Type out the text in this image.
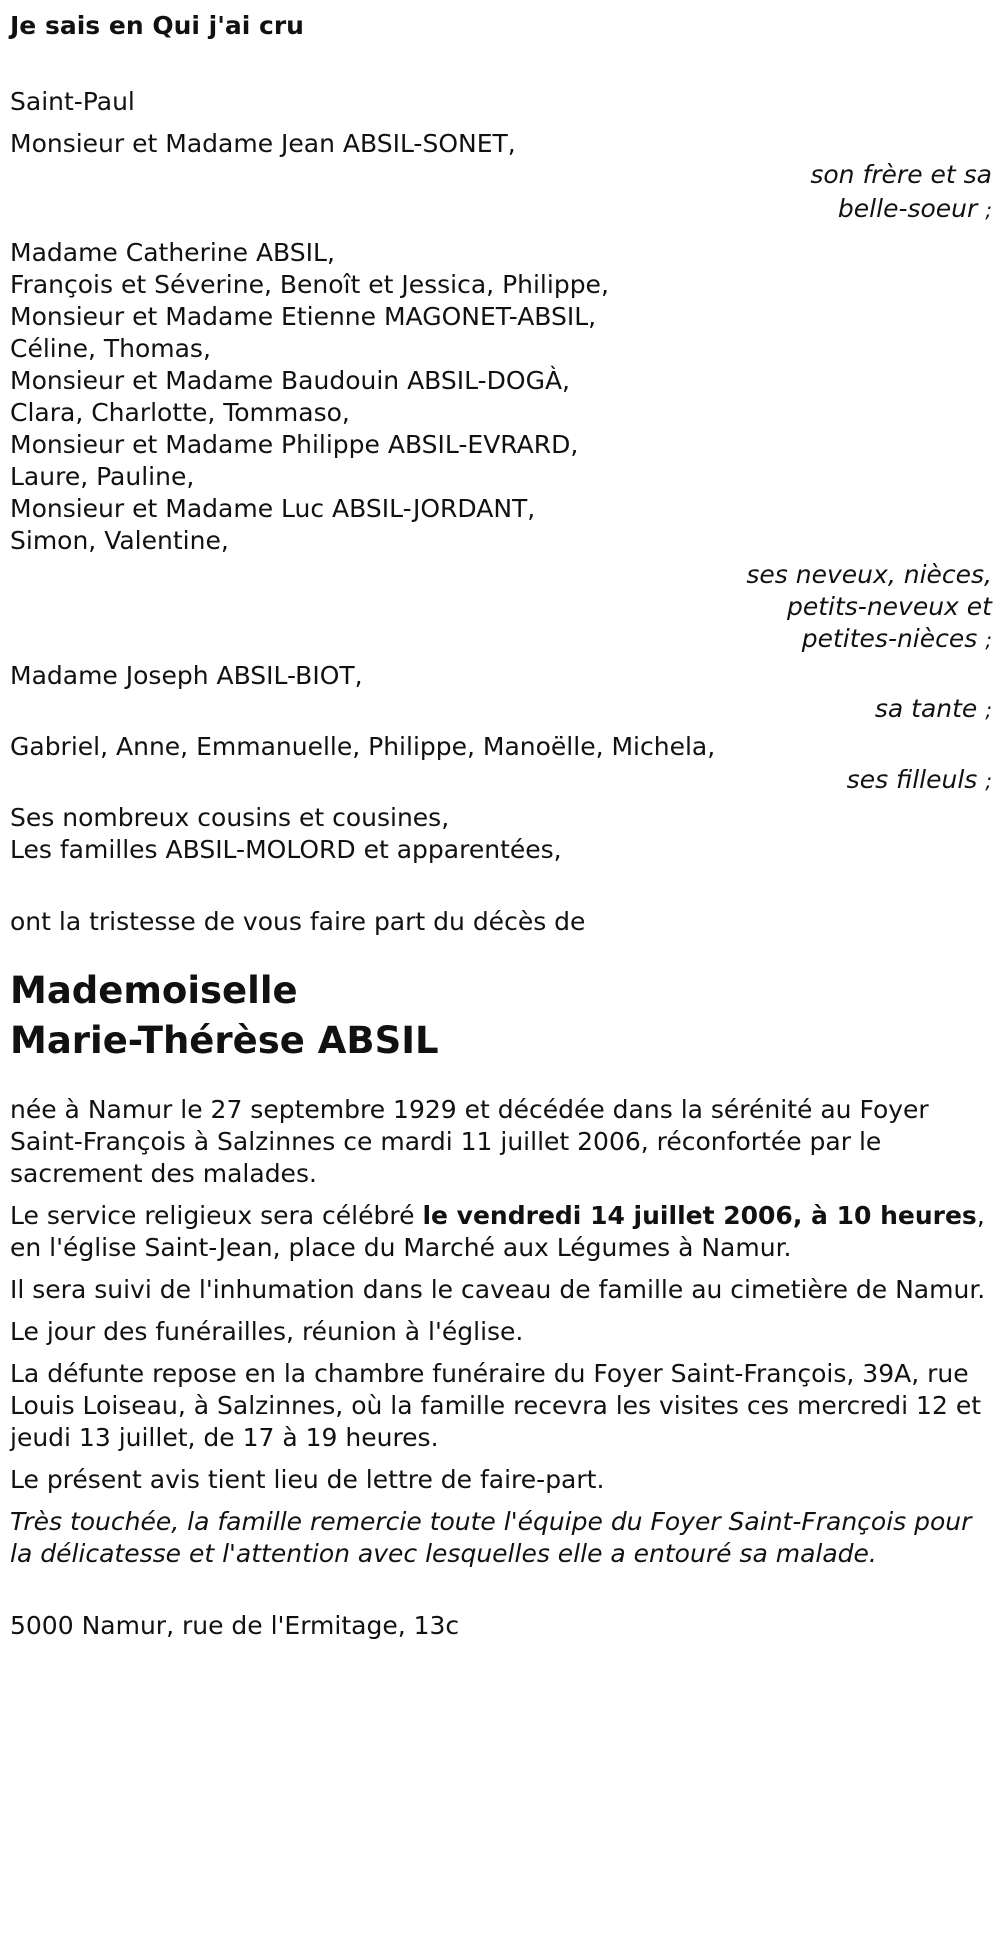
Je sais en Qui j'ai cru
Saint-Paul
Monsieur et Madame Jean ABSIL-SONET,
son frère et sa
belle-soeur ;
Madame Catherine ABSIL,
François et Séverine, Benoît et Jessica, Philippe,
Monsieur et Madame Etienne MAGONET-ABSIL,
Céline, Thomas,
Monsieur et Madame Baudouin ABSIL-DOGÀ,
Clara, Charlotte, Tommaso,
Monsieur et Madame Philippe ABSIL-EVRARD,
Laure, Pauline,
Monsieur et Madame Luc ABSIL-JORDANT,
Simon, Valentine,
ses neveux, nièces,
petits-neveux et
petites-nièces ;
Madame Joseph ABSIL-BIOT,
sa tante ;
Gabriel, Anne, Emmanuelle, Philippe, Manoëlle, Michela,
ses filleuls ;
Ses nombreux cousins et cousines,
Les familles ABSIL-MOLORD et apparentées,
ont la tristesse de vous faire part du décès de
Mademoiselle
Marie-Thérèse ABSIL

née à Namur le 27 septembre 1929 et décédée dans la sérénité au Foyer Saint-François à Salzinnes ce mardi 11 juillet 2006, réconfortée par le sacrement des malades.

Le service religieux sera célébré le vendredi 14 juillet 2006, à 10 heures, en l'église Saint-Jean, place du Marché aux Légumes à Namur.

Il sera suivi de l'inhumation dans le caveau de famille au cimetière de Namur.

Le jour des funérailles, réunion à l'église.

La défunte repose en la chambre funéraire du Foyer Saint-François, 39A, rue Louis Loiseau, à Salzinnes, où la famille recevra les visites ces mercredi 12 et jeudi 13 juillet, de 17 à 19 heures.

Le présent avis tient lieu de lettre de faire-part.

Très touchée, la famille remercie toute l'équipe du Foyer Saint-François pour la délicatesse et l'attention avec lesquelles elle a entouré sa malade.

5000 Namur, rue de l'Ermitage, 13c
